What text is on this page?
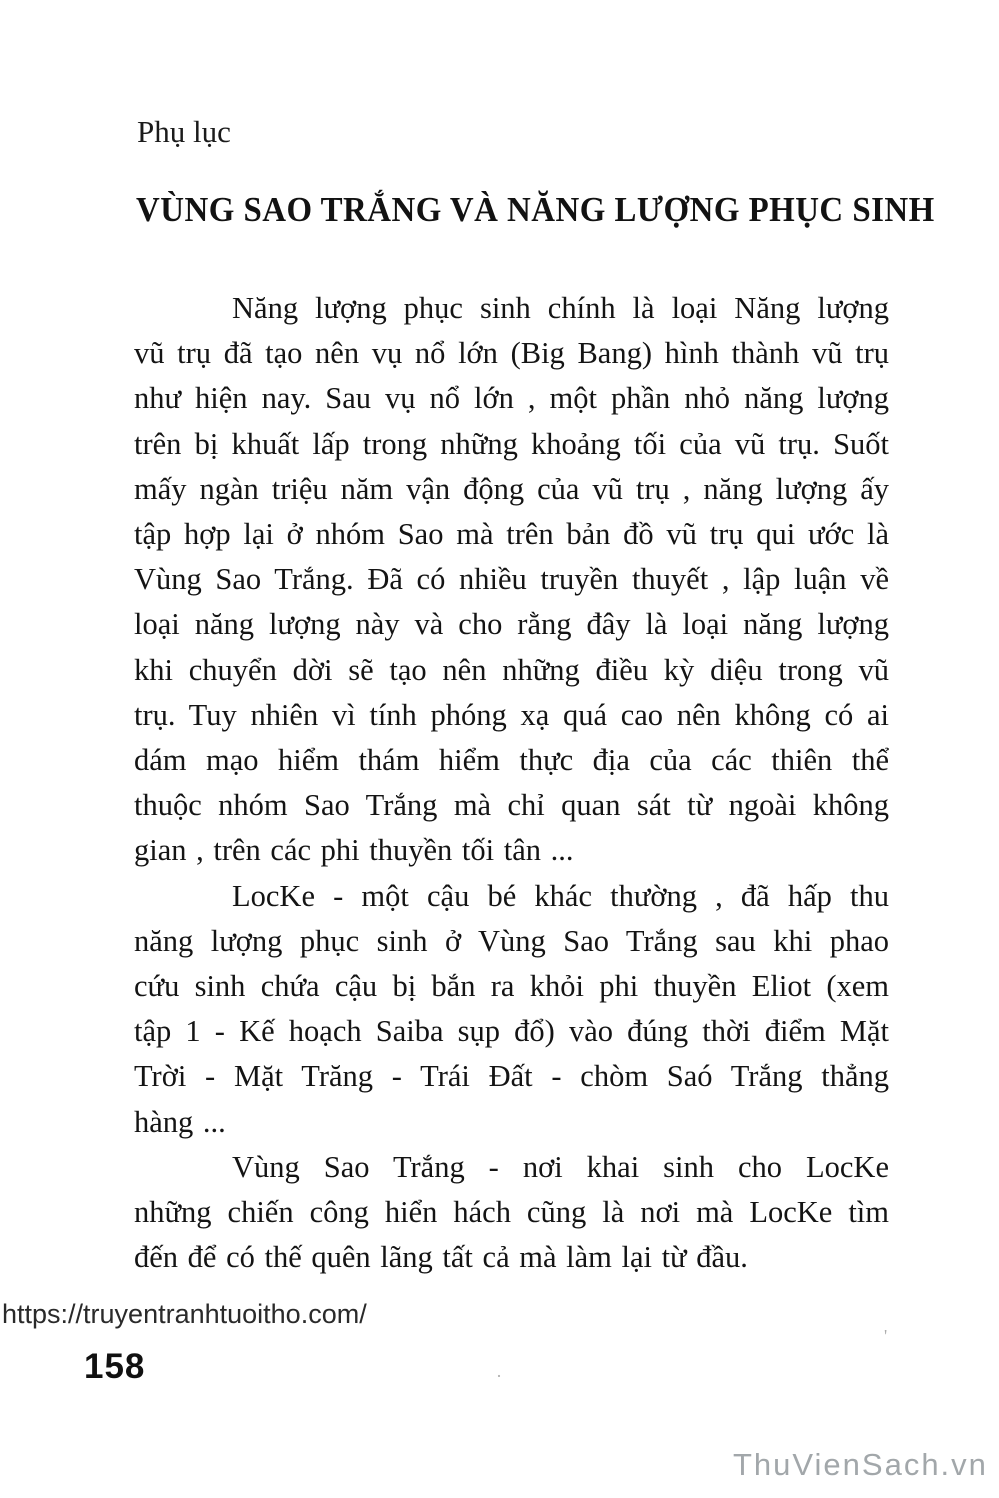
Phụ lục
VÙNG SAO TRẮNG VÀ NĂNG LƯỢNG PHỤC SINH
Năng lượng phục sinh chính là loại Năng lượng
vũ trụ đã tạo nên vụ nổ lớn (Big Bang) hình thành vũ trụ
như hiện nay. Sau vụ nổ lớn , một phần nhỏ năng lượng
trên bị khuất lấp trong những khoảng tối của vũ trụ. Suốt
mấy ngàn triệu năm vận động của vũ trụ , năng lượng ấy
tập hợp lại ở nhóm Sao mà trên bản đồ vũ trụ qui ước là
Vùng Sao Trắng. Đã có nhiều truyền thuyết , lập luận về
loại năng lượng này và cho rằng đây là loại năng lượng
khi chuyển dời sẽ tạo nên những điều kỳ diệu trong vũ
trụ. Tuy nhiên vì tính phóng xạ quá cao nên không có ai
dám mạo hiểm thám hiểm thực địa của các thiên thể
thuộc nhóm Sao Trắng mà chỉ quan sát từ ngoài không
gian , trên các phi thuyền tối tân ...
LocKe - một cậu bé khác thường , đã hấp thu
năng lượng phục sinh ở Vùng Sao Trắng sau khi phao
cứu sinh chứa cậu bị bắn ra khỏi phi thuyền Eliot (xem
tập 1 - Kế hoạch Saiba sụp đổ) vào đúng thời điểm Mặt
Trời - Mặt Trăng - Trái Đất - chòm Saó Trắng thẳng
hàng ...
Vùng Sao Trắng - nơi khai sinh cho LocKe
những chiến công hiển hách cũng là nơi mà LocKe tìm
đến để có thế quên lãng tất cả mà làm lại từ đầu.
https://truyentranhtuoitho.com/
158
ThuVienSach.vn
·
'
